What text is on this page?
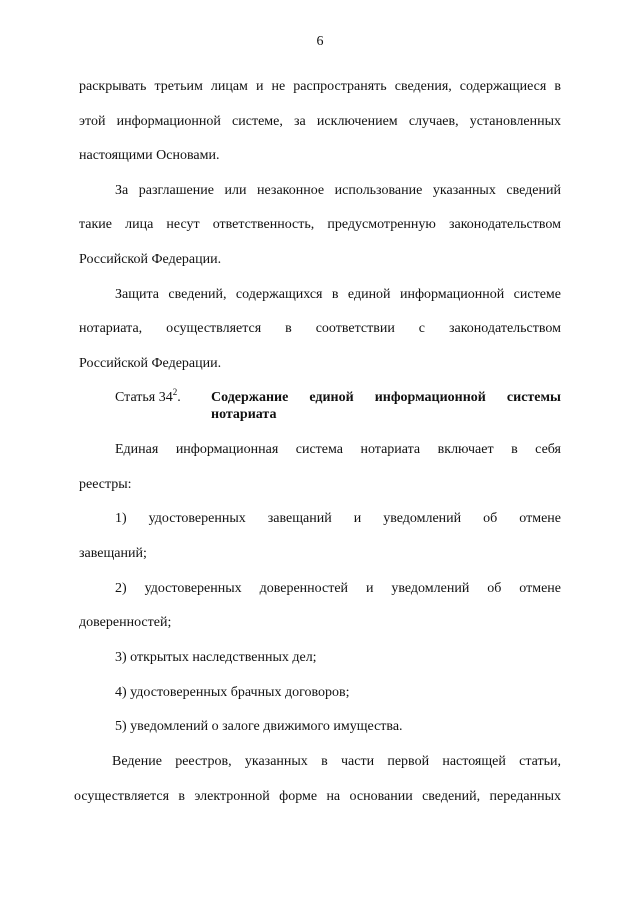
6
раскрывать третьим лицам и не распространять сведения, содержащиеся в
этой информационной системе, за исключением случаев, установленных
настоящими Основами.
За разглашение или незаконное использование указанных сведений
такие лица несут ответственность, предусмотренную законодательством
Российской Федерации.
Защита сведений, содержащихся в единой информационной системе
нотариата, осуществляется в соответствии с законодательством
Российской Федерации.
Статья $34^2$. Содержание единой информационной системы
нотариата
Единая информационная система нотариата включает в себя
реестры:
1) удостоверенных завещаний и уведомлений об отмене
завещаний;
2) удостоверенных доверенностей и уведомлений об отмене
доверенностей;
3) открытых наследственных дел;
4) удостоверенных брачных договоров;
5) уведомлений о залоге движимого имущества.
Ведение реестров, указанных в части первой настоящей статьи,
осуществляется в электронной форме на основании сведений, переданных
